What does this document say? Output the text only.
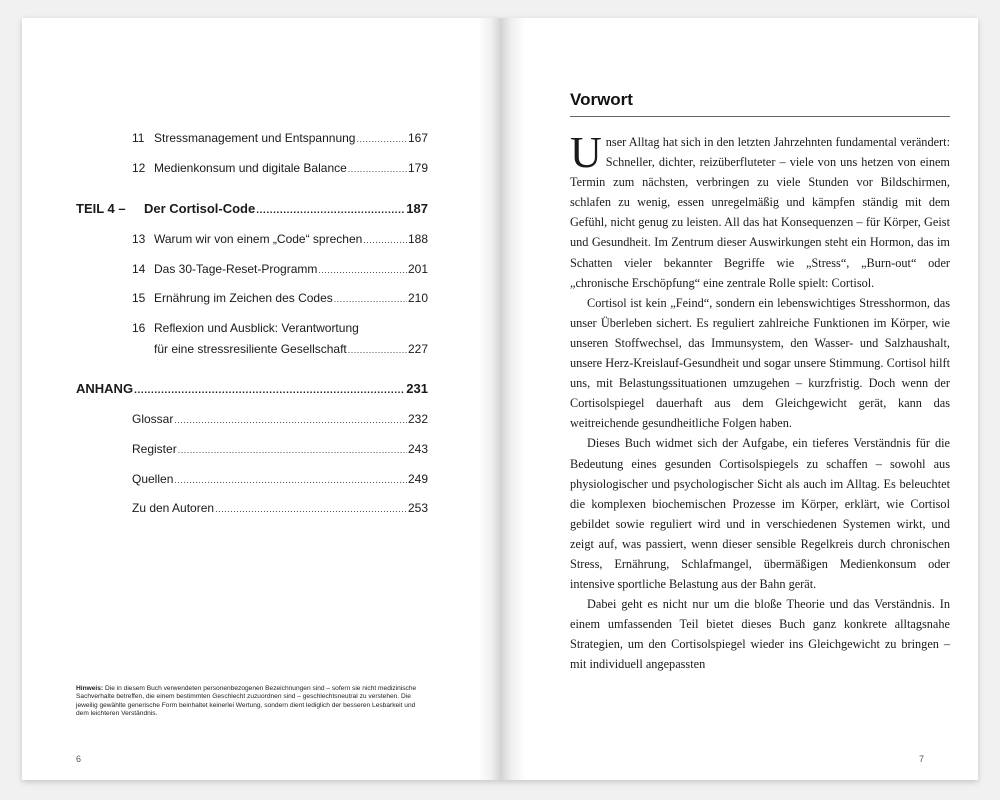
11 Stressmanagement und Entspannung .....	167
12 Medienkonsum und digitale Balance .....	179
TEIL 4 –	Der Cortisol-Code .....	187
13 Warum wir von einem „Code“ sprechen .....	188
14 Das 30-Tage-Reset-Programm .....	201
15 Ernährung im Zeichen des Codes .....	210
16 Reflexion und Ausblick: Verantwortung
für eine stressresiliente Gesellschaft .....	227
ANHANG .....	231
Glossar .....	232
Register .....	243
Quellen .....	249
Zu den Autoren .....	253
Hinweis: Die in diesem Buch verwendeten personenbezogenen Bezeichnungen sind – sofern sie nicht medizinische Sachverhalte betreffen, die einem bestimmten Geschlecht zuzuordnen sind – geschlechtsneutral zu verstehen. Die jeweilig gewählte generische Form beinhaltet keinerlei Wertung, sondern dient lediglich der besseren Lesbarkeit und dem leichteren Verständnis.
6
Vorwort

Unser Alltag hat sich in den letzten Jahrzehnten fundamental verändert: Schneller, dichter, reizüberfluteter – viele von uns hetzen von einem Termin zum nächsten, verbringen zu viele Stunden vor Bildschirmen, schlafen zu wenig, essen unregelmäßig und kämpfen ständig mit dem Gefühl, nicht genug zu leisten. All das hat Konsequenzen – für Körper, Geist und Gesundheit. Im Zentrum dieser Auswirkungen steht ein Hormon, das im Schatten vieler bekannter Begriffe wie „Stress“, „Burn-out“ oder „chronische Erschöpfung“ eine zentrale Rolle spielt: Cortisol.

Cortisol ist kein „Feind“, sondern ein lebenswichtiges Stresshormon, das unser Überleben sichert. Es reguliert zahlreiche Funktionen im Körper, wie unseren Stoffwechsel, das Immunsystem, den Wasser- und Salzhaushalt, unsere Herz-Kreislauf-Gesundheit und sogar unsere Stimmung. Cortisol hilft uns, mit Belastungssituationen umzugehen – kurzfristig. Doch wenn der Cortisolspiegel dauerhaft aus dem Gleichgewicht gerät, kann das weitreichende gesundheitliche Folgen haben.

Dieses Buch widmet sich der Aufgabe, ein tieferes Verständnis für die Bedeutung eines gesunden Cortisolspiegels zu schaffen – sowohl aus physiologischer und psychologischer Sicht als auch im Alltag. Es beleuchtet die komplexen biochemischen Prozesse im Körper, erklärt, wie Cortisol gebildet sowie reguliert wird und in verschiedenen Systemen wirkt, und zeigt auf, was passiert, wenn dieser sensible Regelkreis durch chronischen Stress, Ernährung, Schlafmangel, übermäßigen Medienkonsum oder intensive sportliche Belastung aus der Bahn gerät.

Dabei geht es nicht nur um die bloße Theorie und das Verständnis. In einem umfassenden Teil bietet dieses Buch ganz konkrete alltagsnahe Strategien, um den Cortisolspiegel wieder ins Gleichgewicht zu bringen – mit individuell angepassten

7
